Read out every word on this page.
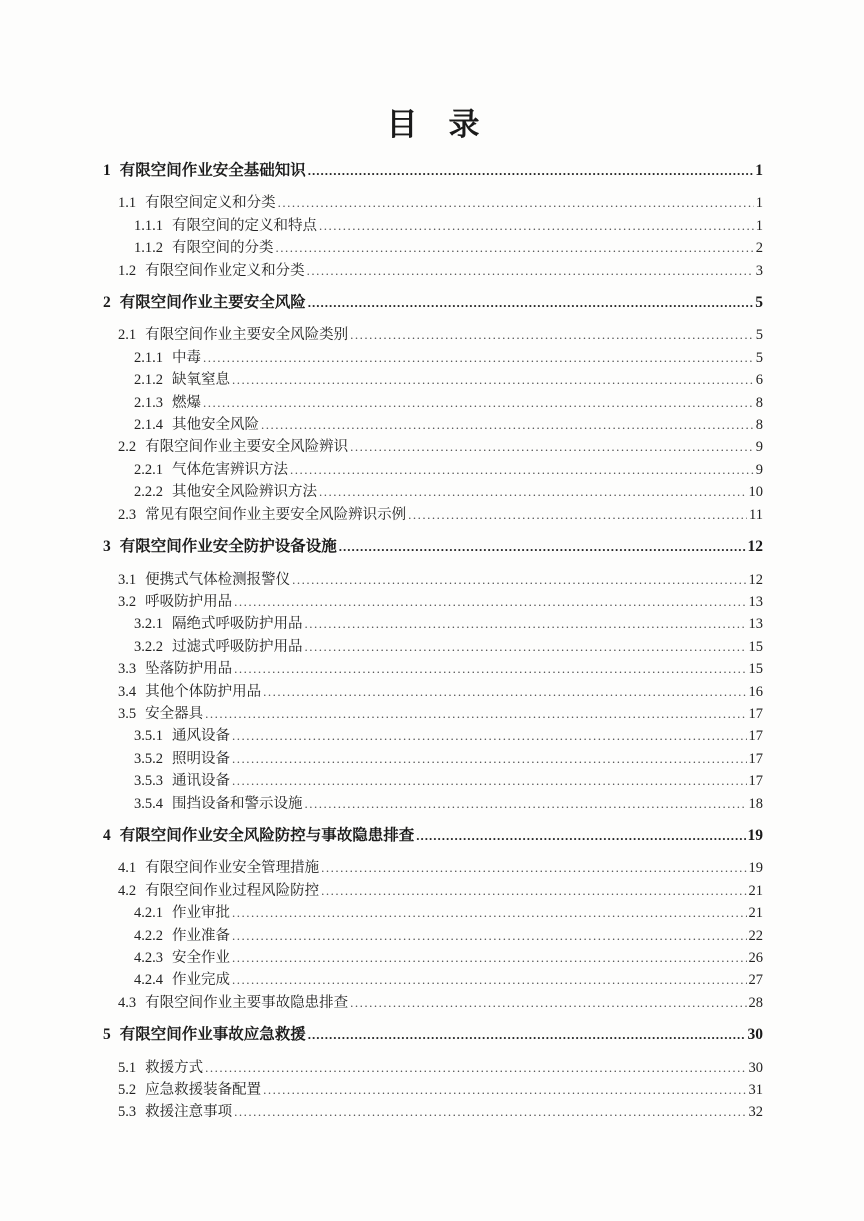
目　录
1 有限空间作业安全基础知识 .....	1
1.1 有限空间定义和分类 .....	1
1.1.1 有限空间的定义和特点 .....	1
1.1.2 有限空间的分类 .....	2
1.2 有限空间作业定义和分类 .....	3
2 有限空间作业主要安全风险 .....	5
2.1 有限空间作业主要安全风险类别 .....	5
2.1.1 中毒 .....	5
2.1.2 缺氧窒息 .....	6
2.1.3 燃爆 .....	8
2.1.4 其他安全风险 .....	8
2.2 有限空间作业主要安全风险辨识 .....	9
2.2.1 气体危害辨识方法 .....	9
2.2.2 其他安全风险辨识方法 .....	10
2.3 常见有限空间作业主要安全风险辨识示例 .....	11
3 有限空间作业安全防护设备设施 .....	12
3.1 便携式气体检测报警仪 .....	12
3.2 呼吸防护用品 .....	13
3.2.1 隔绝式呼吸防护用品 .....	13
3.2.2 过滤式呼吸防护用品 .....	15
3.3 坠落防护用品 .....	15
3.4 其他个体防护用品 .....	16
3.5 安全器具 .....	17
3.5.1 通风设备 .....	17
3.5.2 照明设备 .....	17
3.5.3 通讯设备 .....	17
3.5.4 围挡设备和警示设施 .....	18
4 有限空间作业安全风险防控与事故隐患排查 .....	19
4.1 有限空间作业安全管理措施 .....	19
4.2 有限空间作业过程风险防控 .....	21
4.2.1 作业审批 .....	21
4.2.2 作业准备 .....	22
4.2.3 安全作业 .....	26
4.2.4 作业完成 .....	27
4.3 有限空间作业主要事故隐患排查 .....	28
5 有限空间作业事故应急救援 .....	30
5.1 救援方式 .....	30
5.2 应急救援装备配置 .....	31
5.3 救援注意事项 .....	32
